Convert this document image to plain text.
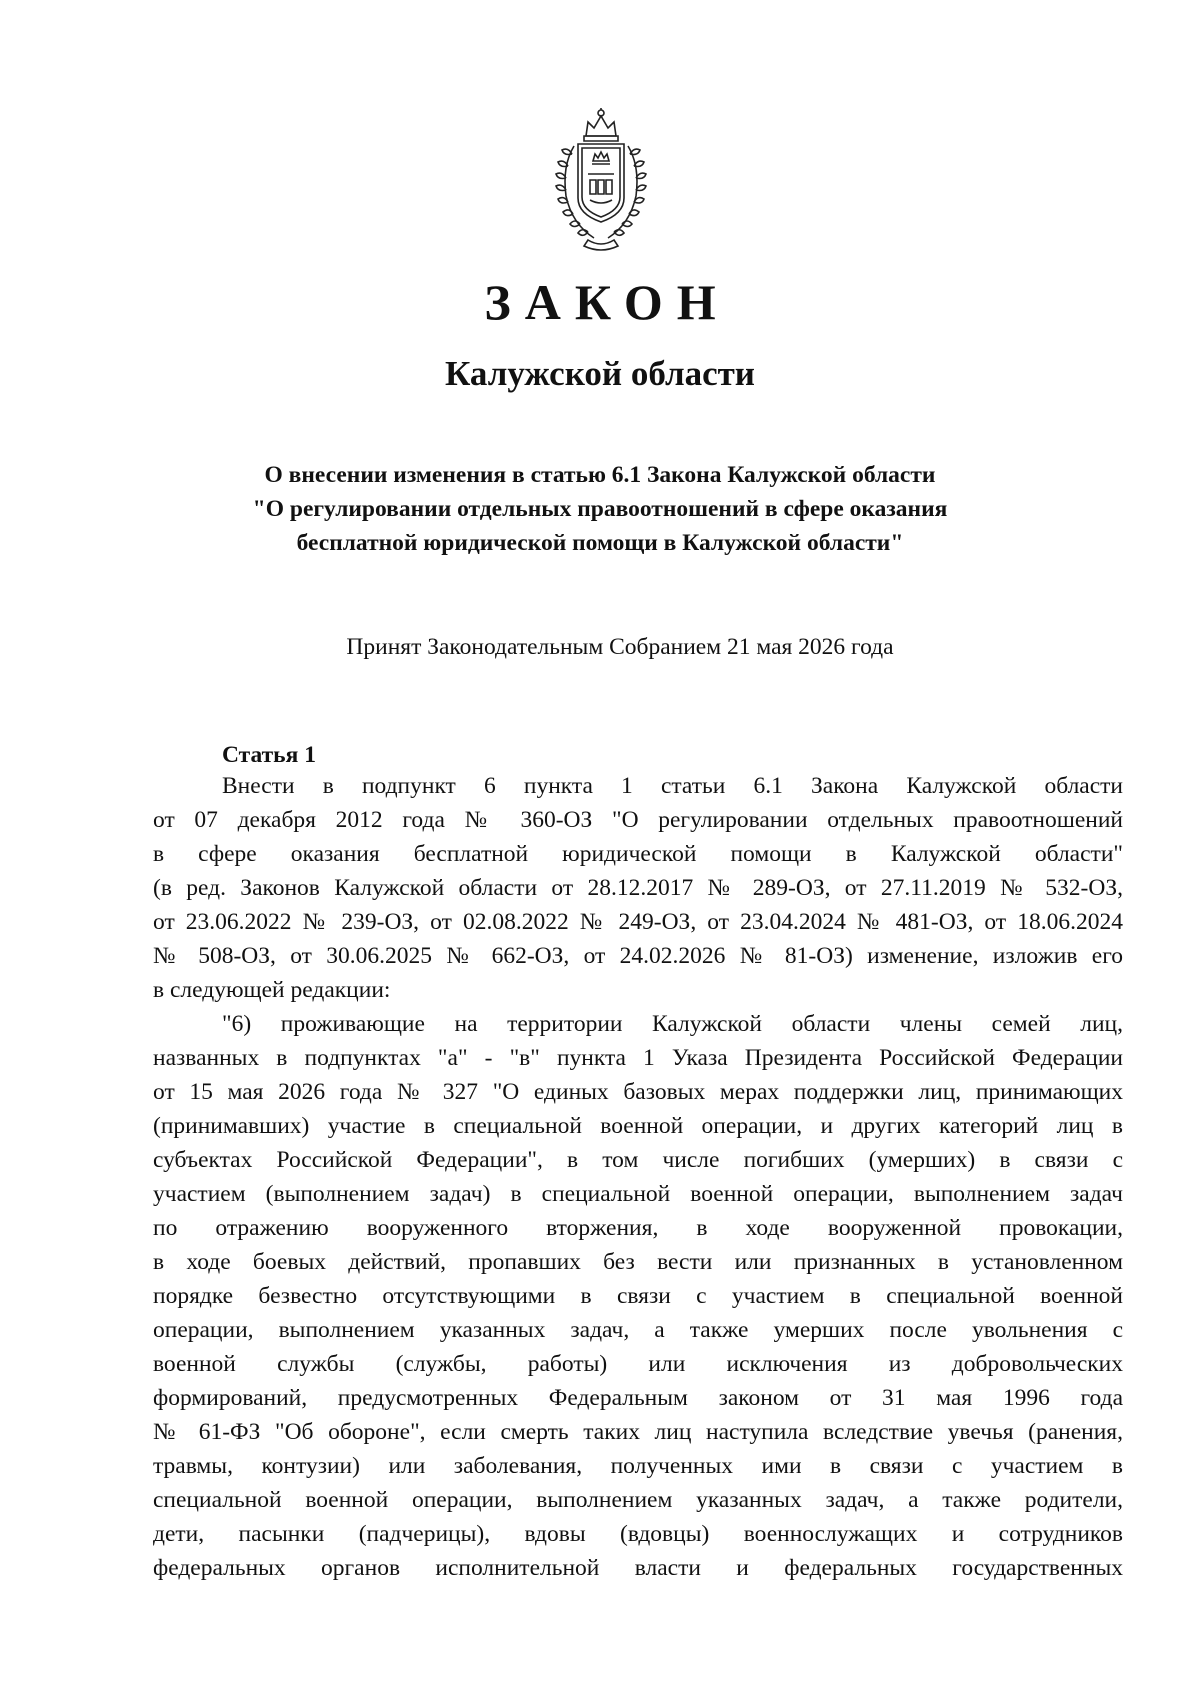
ЗАКОН
Калужской области
О внесении изменения в статью 6.1 Закона Калужской области
"О регулировании отдельных правоотношений в сфере оказания
бесплатной юридической помощи в Калужской области"
Принят Законодательным Собранием 21 мая 2026 года
Статья 1
Внести в подпункт 6 пункта 1 статьи 6.1 Закона Калужской области
от 07 декабря 2012 года № 360-ОЗ "О регулировании отдельных правоотношений
в сфере оказания бесплатной юридической помощи в Калужской области"
(в ред. Законов Калужской области от 28.12.2017 № 289-ОЗ, от 27.11.2019 № 532-ОЗ,
от 23.06.2022 № 239-ОЗ, от 02.08.2022 № 249-ОЗ, от 23.04.2024 № 481-ОЗ, от 18.06.2024
№ 508-ОЗ, от 30.06.2025 № 662-ОЗ, от 24.02.2026 № 81-ОЗ) изменение, изложив его
в следующей редакции:
"6) проживающие на территории Калужской области члены семей лиц,
названных в подпунктах "а" - "в" пункта 1 Указа Президента Российской Федерации
от 15 мая 2026 года № 327 "О единых базовых мерах поддержки лиц, принимающих
(принимавших) участие в специальной военной операции, и других категорий лиц в
субъектах Российской Федерации", в том числе погибших (умерших) в связи с
участием (выполнением задач) в специальной военной операции, выполнением задач
по отражению вооруженного вторжения, в ходе вооруженной провокации,
в ходе боевых действий, пропавших без вести или признанных в установленном
порядке безвестно отсутствующими в связи с участием в специальной военной
операции, выполнением указанных задач, а также умерших после увольнения с
военной службы (службы, работы) или исключения из добровольческих
формирований, предусмотренных Федеральным законом от 31 мая 1996 года
№ 61-ФЗ "Об обороне", если смерть таких лиц наступила вследствие увечья (ранения,
травмы, контузии) или заболевания, полученных ими в связи с участием в
специальной военной операции, выполнением указанных задач, а также родители,
дети, пасынки (падчерицы), вдовы (вдовцы) военнослужащих и сотрудников
федеральных органов исполнительной власти и федеральных государственных
